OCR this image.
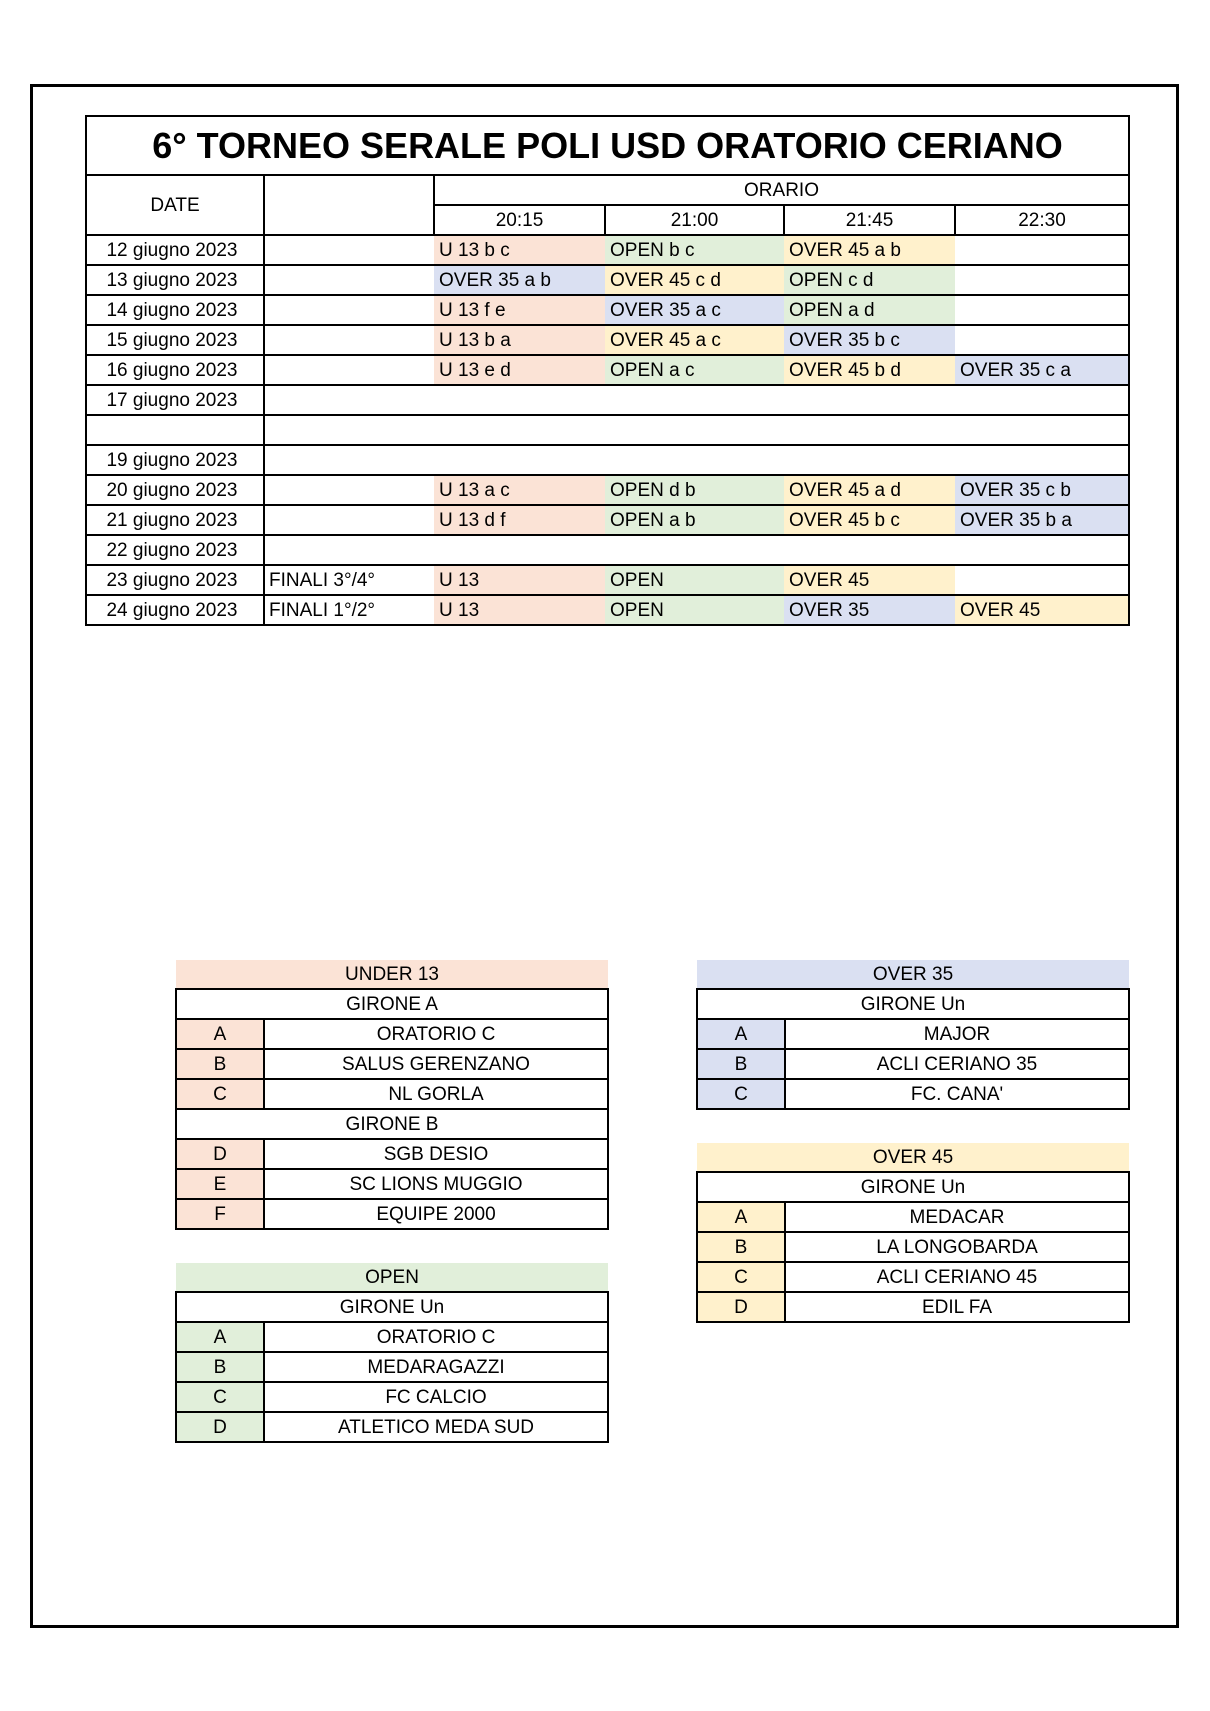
6° TORNEO SERALE POLI USD ORATORIO CERIANO					
DATE		ORARIO			
		20:15	21:00	21:45	22:30
12 giugno 2023		U 13 b c	OPEN b c	OVER 45 a b	
13 giugno 2023		OVER 35 a b	OVER 45 c d	OPEN c d	
14 giugno 2023		U 13 f e	OVER 35 a c	OPEN a d	
15 giugno 2023		U 13 b a	OVER 45 a c	OVER 35 b c	
16 giugno 2023		U 13 e d	OPEN a c	OVER 45 b d	OVER 35 c a
17 giugno 2023					

19 giugno 2023					
20 giugno 2023		U 13 a c	OPEN d b	OVER 45 a d	OVER 35 c b
21 giugno 2023		U 13 d f	OPEN a b	OVER 45 b c	OVER 35 b a
22 giugno 2023					
23 giugno 2023	FINALI 3°/4°	U 13	OPEN	OVER 45	
24 giugno 2023	FINALI 1°/2°	U 13	OPEN	OVER 35	OVER 45
UNDER 13	
GIRONE A	
A	ORATORIO C
B	SALUS GERENZANO
C	NL GORLA
GIRONE B	
D	SGB DESIO
E	SC LIONS MUGGIO
F	EQUIPE 2000
OPEN	
GIRONE Un	
A	ORATORIO C
B	MEDARAGAZZI
C	FC CALCIO
D	ATLETICO MEDA SUD
OVER 35	
GIRONE Un	
A	MAJOR
B	ACLI CERIANO 35
C	FC. CANA'
OVER 45	
GIRONE Un	
A	MEDACAR
B	LA LONGOBARDA
C	ACLI CERIANO 45
D	EDIL FA
